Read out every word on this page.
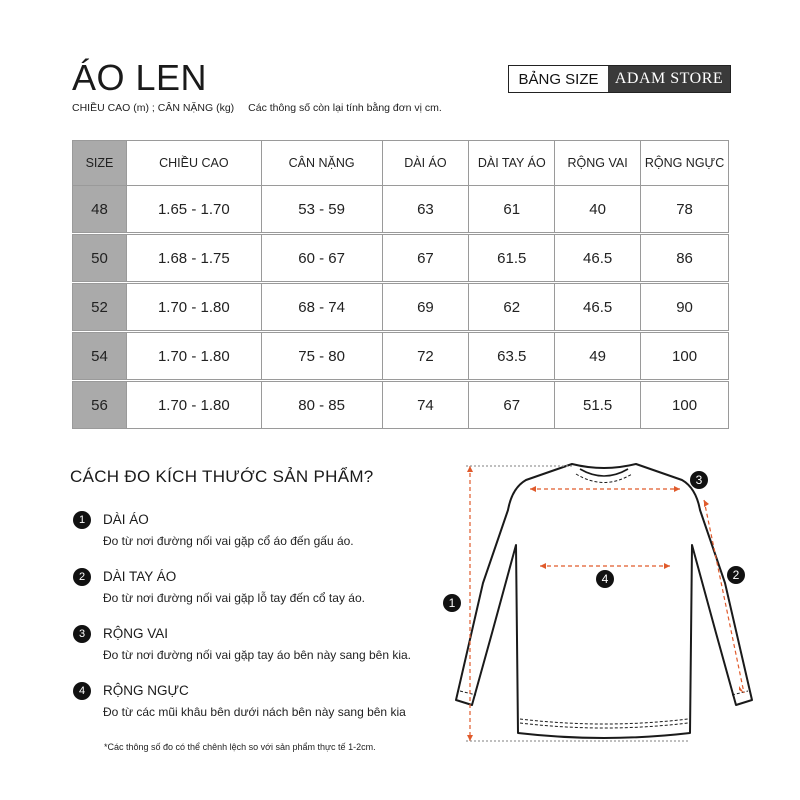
ÁO LEN
CHIỀU CAO (m) ; CÂN NẶNG (kg) Các thông số còn lại tính bằng đơn vị cm.
BẢNG SIZE	ADAM STORE
SIZE	CHIỀU CAO	CÂN NẶNG	DÀI ÁO	DÀI TAY ÁO	RỘNG VAI	RỘNG NGỰC
48	1.65 - 1.70	53 - 59	63	61	40	78

50	1.68 - 1.75	60 - 67	67	61.5	46.5	86

52	1.70 - 1.80	68 - 74	69	62	46.5	90

54	1.70 - 1.80	75 - 80	72	63.5	49	100

56	1.70 - 1.80	80 - 85	74	67	51.5	100
CÁCH ĐO KÍCH THƯỚC SẢN PHẨM?
1	DÀI ÁO
Đo từ nơi đường nối vai gặp cổ áo đến gấu áo.
2	DÀI TAY ÁO
Đo từ nơi đường nối vai gặp lỗ tay đến cổ tay áo.
3	RỘNG VAI
Đo từ nơi đường nối vai gặp tay áo bên này sang bên kia.
4	RỘNG NGỰC
Đo từ các mũi khâu bên dưới nách bên này sang bên kia
*Các thông số đo có thể chênh lệch so với sản phẩm thực tế 1-2cm.
1
2
3
4
